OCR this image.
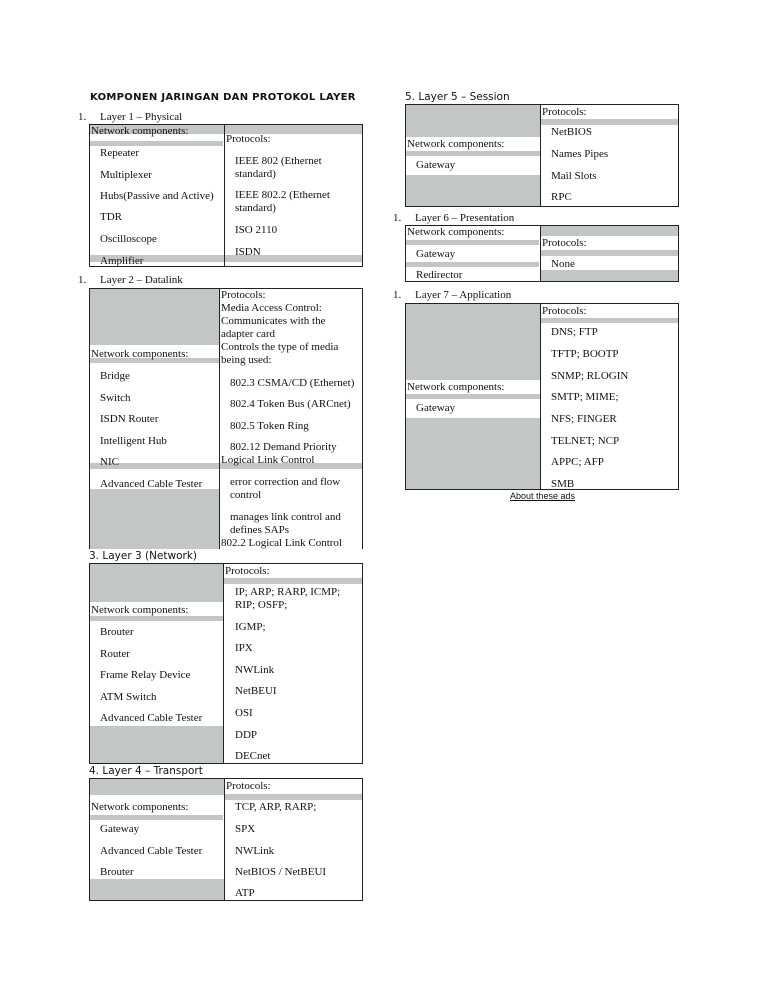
KOMPONEN JARINGAN DAN PROTOKOL LAYER
1. Layer 1 – Physical
Network components:
Protocols:
Repeater
Multiplexer
Hubs(Passive and Active)
TDR
Oscilloscope
Amplifier
IEEE 802 (Ethernet standard)
IEEE 802.2 (Ethernet standard)
ISO 2110
ISDN
1. Layer 2 – Datalink
Protocols:
Media Access Control:
Communicates with the
adapter card
Controls the type of media
being used:
Network components:
Bridge
Switch
ISDN Router
Intelligent Hub
NIC
Advanced Cable Tester
802.3 CSMA/CD (Ethernet)
802.4 Token Bus (ARCnet)
802.5 Token Ring
802.12 Demand Priority
Logical Link Control
error correction and flow control
manages link control and defines SAPs
802.2 Logical Link Control
3. Layer 3 (Network)
Protocols:
Network components:
Brouter
Router
Frame Relay Device
ATM Switch
Advanced Cable Tester
IP; ARP; RARP, ICMP; RIP; OSFP;
IGMP;
IPX
NWLink
NetBEUI
OSI
DDP
DECnet
4. Layer 4 – Transport
Protocols:
Network components:
Gateway
Advanced Cable Tester
Brouter
TCP, ARP, RARP;
SPX
NWLink
NetBIOS / NetBEUI
ATP
5. Layer 5 – Session
Protocols:
Network components:
Gateway
NetBIOS
Names Pipes
Mail Slots
RPC
1. Layer 6 – Presentation
Network components:
Protocols:
Gateway
Redirector
None
1. Layer 7 – Application
Protocols:
Network components:
Gateway
DNS; FTP
TFTP; BOOTP
SNMP; RLOGIN
SMTP; MIME;
NFS; FINGER
TELNET; NCP
APPC; AFP
SMB
About these ads
